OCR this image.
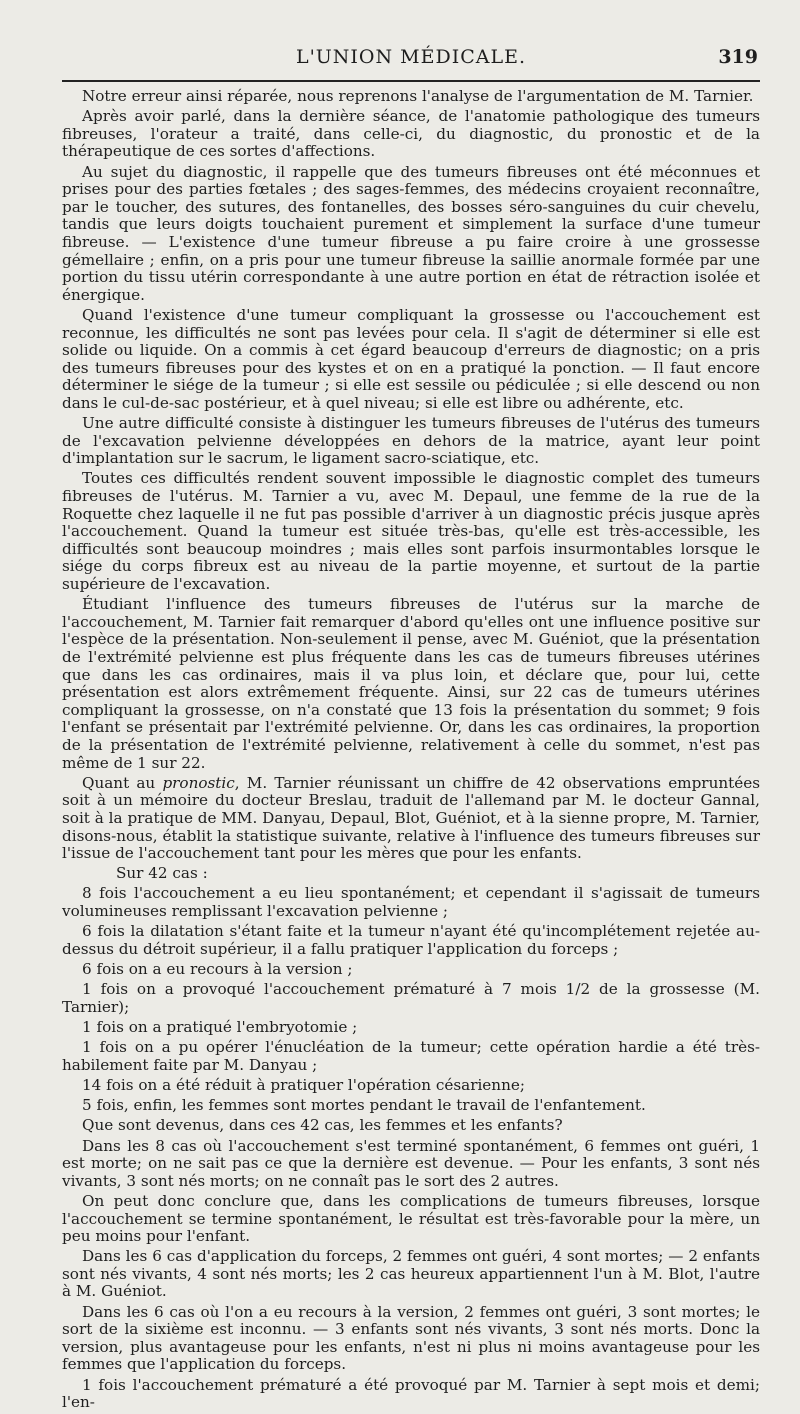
L'UNION MÉDICALE.	319

Notre erreur ainsi réparée, nous reprenons l'analyse de l'argumentation de M. Tarnier.

Après avoir parlé, dans la dernière séance, de l'anatomie pathologique des tumeurs fibreuses, l'orateur a traité, dans celle-ci, du diagnostic, du pronostic et de la thérapeutique de ces sortes d'affections.

Au sujet du diagnostic, il rappelle que des tumeurs fibreuses ont été méconnues et prises pour des parties fœtales ; des sages-femmes, des médecins croyaient reconnaître, par le toucher, des sutures, des fontanelles, des bosses séro-sanguines du cuir chevelu, tandis que leurs doigts touchaient purement et simplement la surface d'une tumeur fibreuse. — L'existence d'une tumeur fibreuse a pu faire croire à une grossesse gémellaire ; enfin, on a pris pour une tumeur fibreuse la saillie anormale formée par une portion du tissu utérin correspondante à une autre portion en état de rétraction isolée et énergique.

Quand l'existence d'une tumeur compliquant la grossesse ou l'accouchement est reconnue, les difficultés ne sont pas levées pour cela. Il s'agit de déterminer si elle est solide ou liquide. On a commis à cet égard beaucoup d'erreurs de diagnostic; on a pris des tumeurs fibreuses pour des kystes et on en a pratiqué la ponction. — Il faut encore déterminer le siége de la tumeur ; si elle est sessile ou pédiculée ; si elle descend ou non dans le cul-de-sac postérieur, et à quel niveau; si elle est libre ou adhérente, etc.

Une autre difficulté consiste à distinguer les tumeurs fibreuses de l'utérus des tumeurs de l'excavation pelvienne développées en dehors de la matrice, ayant leur point d'implantation sur le sacrum, le ligament sacro-sciatique, etc.

Toutes ces difficultés rendent souvent impossible le diagnostic complet des tumeurs fibreuses de l'utérus. M. Tarnier a vu, avec M. Depaul, une femme de la rue de la Roquette chez laquelle il ne fut pas possible d'arriver à un diagnostic précis jusque après l'accouchement. Quand la tumeur est située très-bas, qu'elle est très-accessible, les difficultés sont beaucoup moindres ; mais elles sont parfois insurmontables lorsque le siége du corps fibreux est au niveau de la partie moyenne, et surtout de la partie supérieure de l'excavation.

Étudiant l'influence des tumeurs fibreuses de l'utérus sur la marche de l'accouchement, M. Tarnier fait remarquer d'abord qu'elles ont une influence positive sur l'espèce de la présentation. Non-seulement il pense, avec M. Guéniot, que la présentation de l'extrémité pelvienne est plus fréquente dans les cas de tumeurs fibreuses utérines que dans les cas ordinaires, mais il va plus loin, et déclare que, pour lui, cette présentation est alors extrêmement fréquente. Ainsi, sur 22 cas de tumeurs utérines compliquant la grossesse, on n'a constaté que 13 fois la présentation du sommet; 9 fois l'enfant se présentait par l'extrémité pelvienne. Or, dans les cas ordinaires, la proportion de la présentation de l'extrémité pelvienne, relativement à celle du sommet, n'est pas même de 1 sur 22.

Quant au pronostic, M. Tarnier réunissant un chiffre de 42 observations empruntées soit à un mémoire du docteur Breslau, traduit de l'allemand par M. le docteur Gannal, soit à la pratique de MM. Danyau, Depaul, Blot, Guéniot, et à la sienne propre, M. Tarnier, disons-nous, établit la statistique suivante, relative à l'influence des tumeurs fibreuses sur l'issue de l'accouchement tant pour les mères que pour les enfants.

Sur 42 cas :

8 fois l'accouchement a eu lieu spontanément; et cependant il s'agissait de tumeurs volumineuses remplissant l'excavation pelvienne ;

6 fois la dilatation s'étant faite et la tumeur n'ayant été qu'incomplétement rejetée au-dessus du détroit supérieur, il a fallu pratiquer l'application du forceps ;

6 fois on a eu recours à la version ;

1 fois on a provoqué l'accouchement prématuré à 7 mois 1/2 de la grossesse (M. Tarnier);

1 fois on a pratiqué l'embryotomie ;

1 fois on a pu opérer l'énucléation de la tumeur; cette opération hardie a été très-habilement faite par M. Danyau ;

14 fois on a été réduit à pratiquer l'opération césarienne;

5 fois, enfin, les femmes sont mortes pendant le travail de l'enfantement.

Que sont devenus, dans ces 42 cas, les femmes et les enfants?

Dans les 8 cas où l'accouchement s'est terminé spontanément, 6 femmes ont guéri, 1 est morte; on ne sait pas ce que la dernière est devenue. — Pour les enfants, 3 sont nés vivants, 3 sont nés morts; on ne connaît pas le sort des 2 autres.

On peut donc conclure que, dans les complications de tumeurs fibreuses, lorsque l'accouchement se termine spontanément, le résultat est très-favorable pour la mère, un peu moins pour l'enfant.

Dans les 6 cas d'application du forceps, 2 femmes ont guéri, 4 sont mortes; — 2 enfants sont nés vivants, 4 sont nés morts; les 2 cas heureux appartiennent l'un à M. Blot, l'autre à M. Guéniot.

Dans les 6 cas où l'on a eu recours à la version, 2 femmes ont guéri, 3 sont mortes; le sort de la sixième est inconnu. — 3 enfants sont nés vivants, 3 sont nés morts. Donc la version, plus avantageuse pour les enfants, n'est ni plus ni moins avantageuse pour les femmes que l'application du forceps.

1 fois l'accouchement prématuré a été provoqué par M. Tarnier à sept mois et demi; l'en-
